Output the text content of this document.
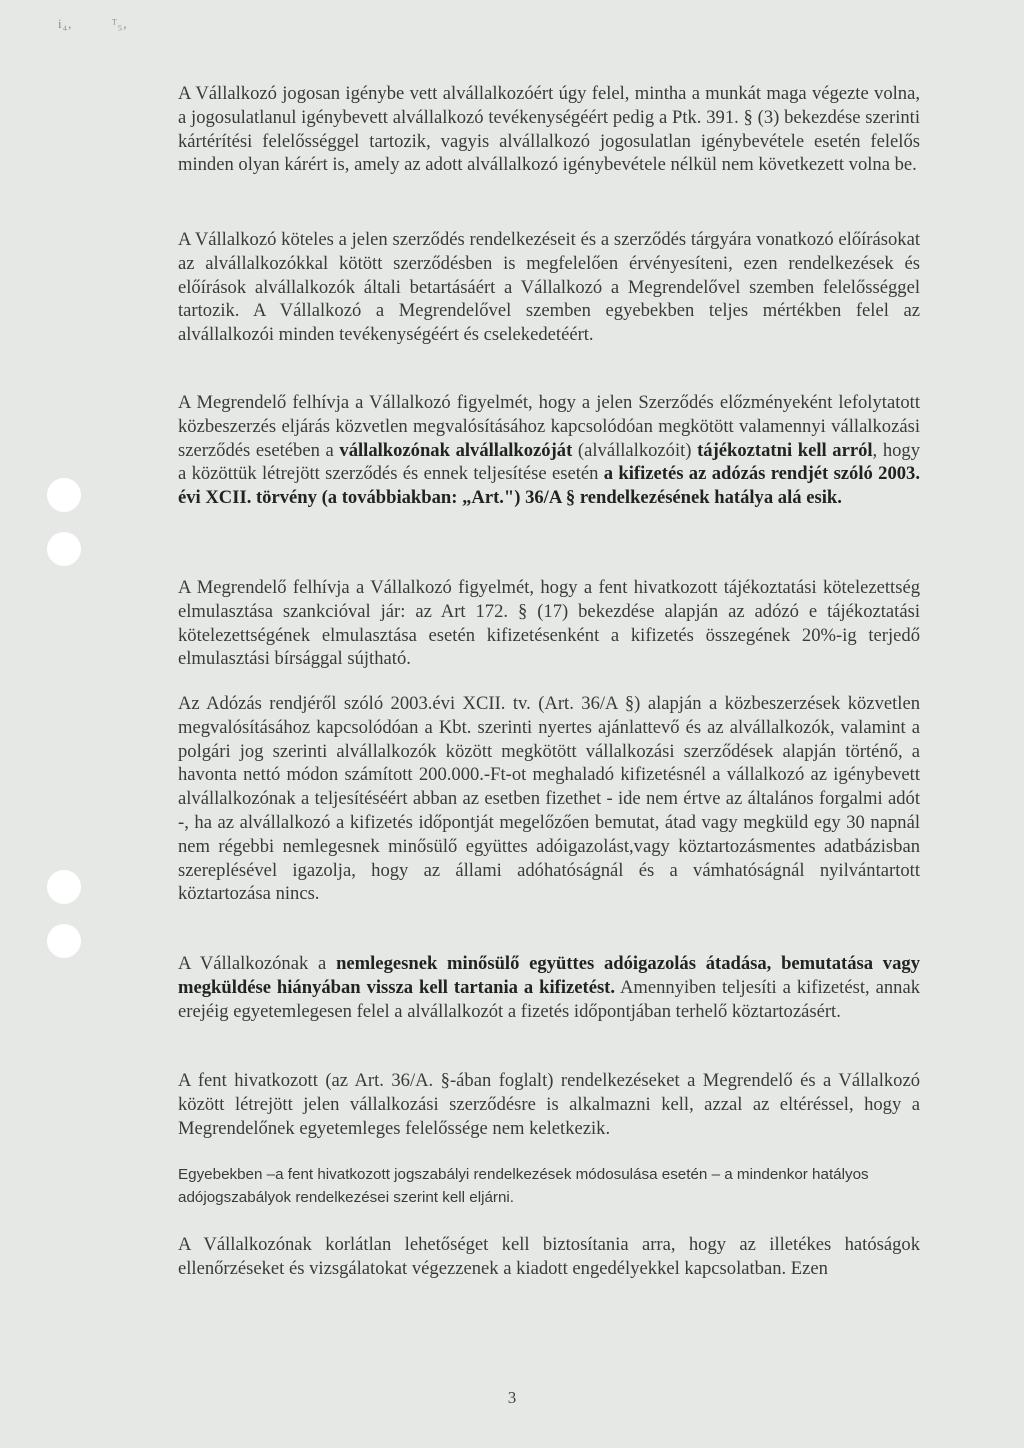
i₄,	ᵀ₅,

A Vállalkozó jogosan igénybe vett alvállalkozóért úgy felel, mintha a munkát maga végezte volna, a jogosulatlanul igénybevett alvállalkozó tevékenységéért pedig a Ptk. 391. § (3) bekezdése szerinti kártérítési felelősséggel tartozik, vagyis alvállalkozó jogosulatlan igénybevétele esetén felelős minden olyan kárért is, amely az adott alvállalkozó igénybevétele nélkül nem következett volna be.

A Vállalkozó köteles a jelen szerződés rendelkezéseit és a szerződés tárgyára vonatkozó előírásokat az alvállalkozókkal kötött szerződésben is megfelelően érvényesíteni, ezen rendelkezések és előírások alvállalkozók általi betartásáért a Vállalkozó a Megrendelővel szemben felelősséggel tartozik. A Vállalkozó a Megrendelővel szemben egyebekben teljes mértékben felel az alvállalkozói minden tevékenységéért és cselekedetéért.

A Megrendelő felhívja a Vállalkozó figyelmét, hogy a jelen Szerződés előzményeként lefolytatott közbeszerzés eljárás közvetlen megvalósításához kapcsolódóan megkötött valamennyi vállalkozási szerződés esetében a vállalkozónak alvállalkozóját (alvállalkozóit) tájékoztatni kell arról, hogy a közöttük létrejött szerződés és ennek teljesítése esetén a kifizetés az adózás rendjét szóló 2003. évi XCII. törvény (a továbbiakban: „Art.") 36/A § rendelkezésének hatálya alá esik.

A Megrendelő felhívja a Vállalkozó figyelmét, hogy a fent hivatkozott tájékoztatási kötelezettség elmulasztása szankcióval jár: az Art 172. § (17) bekezdése alapján az adózó e tájékoztatási kötelezettségének elmulasztása esetén kifizetésenként a kifizetés összegének 20%-ig terjedő elmulasztási bírsággal sújtható.

Az Adózás rendjéről szóló 2003.évi XCII. tv. (Art. 36/A §) alapján a közbeszerzések közvetlen megvalósításához kapcsolódóan a Kbt. szerinti nyertes ajánlattevő és az alvállalkozók, valamint a polgári jog szerinti alvállalkozók között megkötött vállalkozási szerződések alapján történő, a havonta nettó módon számított 200.000.-Ft-ot meghaladó kifizetésnél a vállalkozó az igénybevett alvállalkozónak a teljesítéséért abban az esetben fizethet - ide nem értve az általános forgalmi adót -, ha az alvállalkozó a kifizetés időpontját megelőzően bemutat, átad vagy megküld egy 30 napnál nem régebbi nemlegesnek minősülő együttes adóigazolást,vagy köztartozásmentes adatbázisban szereplésével igazolja, hogy az állami adóhatóságnál és a vámhatóságnál nyilvántartott köztartozása nincs.

A Vállalkozónak a nemlegesnek minősülő együttes adóigazolás átadása, bemutatása vagy megküldése hiányában vissza kell tartania a kifizetést. Amennyiben teljesíti a kifizetést, annak erejéig egyetemlegesen felel a alvállalkozót a fizetés időpontjában terhelő köztartozásért.

A fent hivatkozott (az Art. 36/A. §-ában foglalt) rendelkezéseket a Megrendelő és a Vállalkozó között létrejött jelen vállalkozási szerződésre is alkalmazni kell, azzal az eltéréssel, hogy a Megrendelőnek egyetemleges felelőssége nem keletkezik.

Egyebekben –a fent hivatkozott jogszabályi rendelkezések módosulása esetén – a mindenkor hatályos adójogszabályok rendelkezései szerint kell eljárni.

A Vállalkozónak korlátlan lehetőséget kell biztosítania arra, hogy az illetékes hatóságok ellenőrzéseket és vizsgálatokat végezzenek a kiadott engedélyekkel kapcsolatban. Ezen

3
